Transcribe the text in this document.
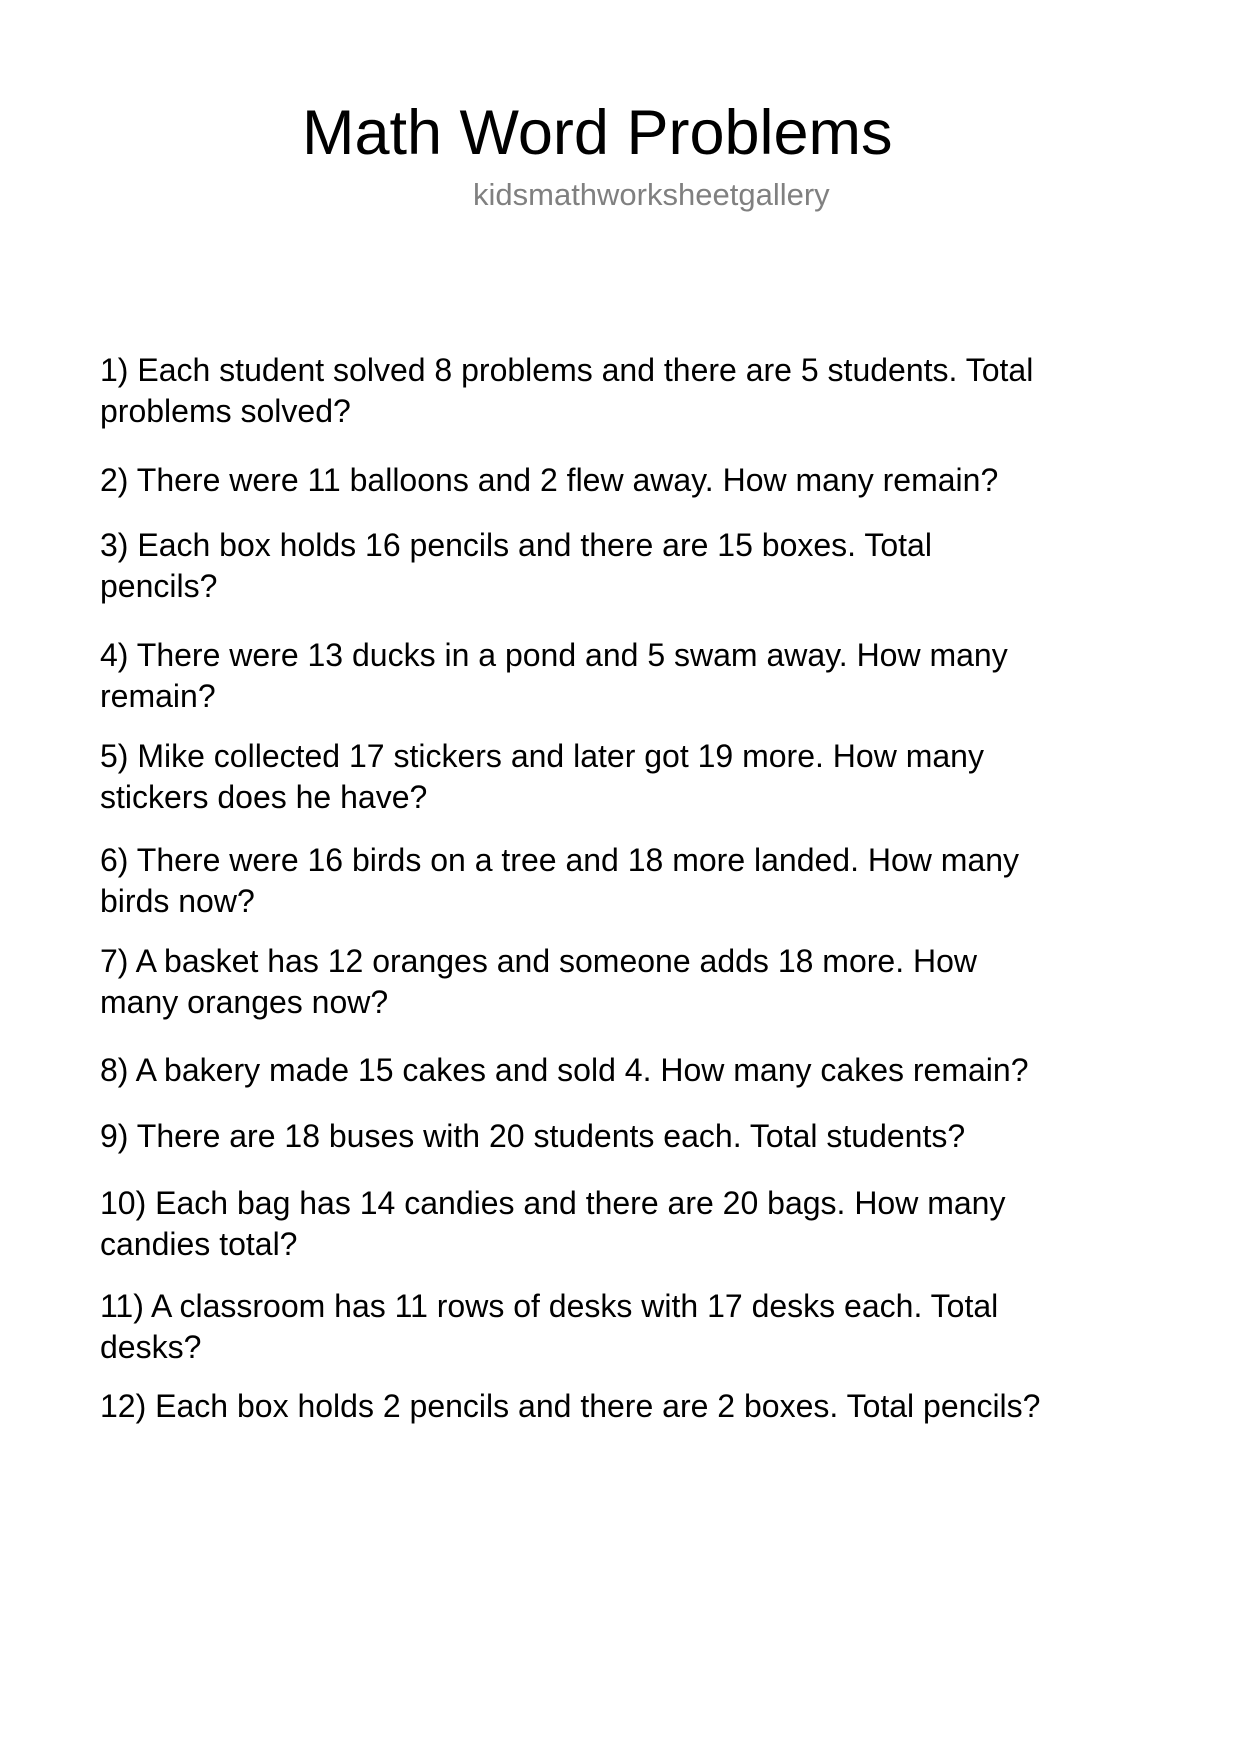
Math Word Problems
kidsmathworksheetgallery
1) Each student solved 8 problems and there are 5 students. Total
problems solved?
2) There were 11 balloons and 2 flew away. How many remain?
3) Each box holds 16 pencils and there are 15 boxes. Total
pencils?
4) There were 13 ducks in a pond and 5 swam away. How many
remain?
5) Mike collected 17 stickers and later got 19 more. How many
stickers does he have?
6) There were 16 birds on a tree and 18 more landed. How many
birds now?
7) A basket has 12 oranges and someone adds 18 more. How
many oranges now?
8) A bakery made 15 cakes and sold 4. How many cakes remain?
9) There are 18 buses with 20 students each. Total students?
10) Each bag has 14 candies and there are 20 bags. How many
candies total?
11) A classroom has 11 rows of desks with 17 desks each. Total
desks?
12) Each box holds 2 pencils and there are 2 boxes. Total pencils?
